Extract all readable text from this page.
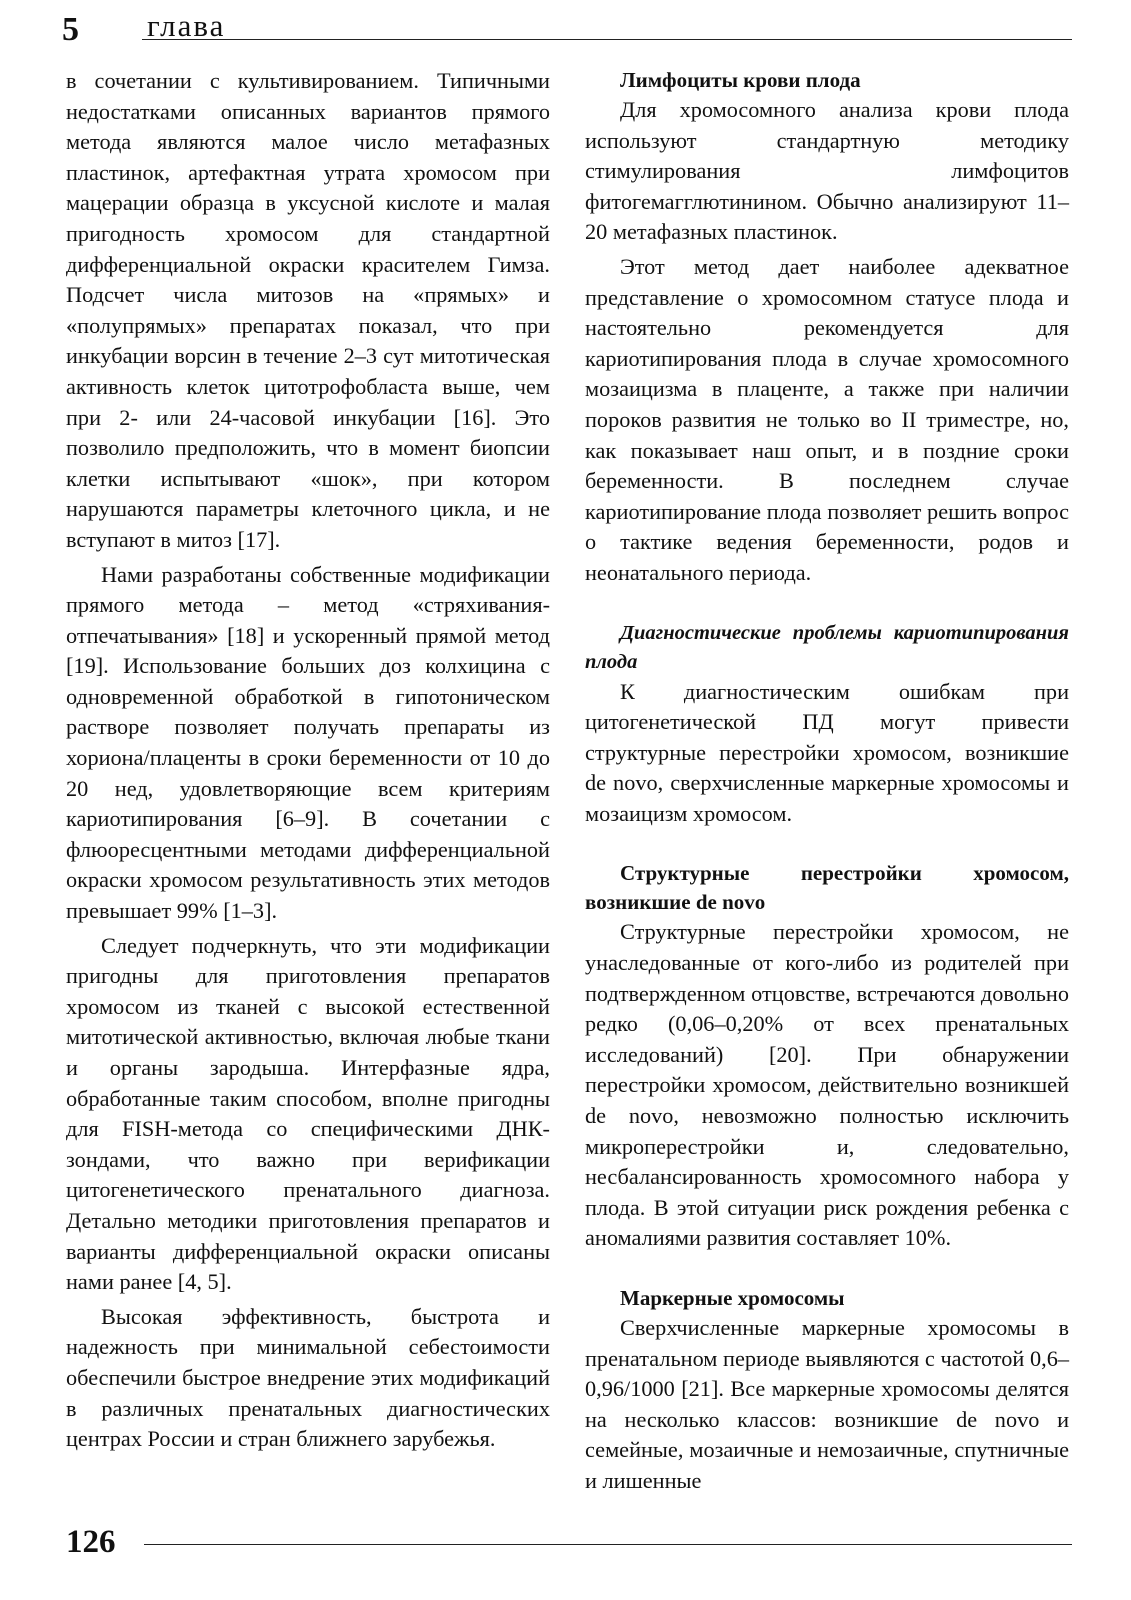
5 глава

в сочетании с культивированием. Типичными недостатками описанных вариантов прямого метода являются малое число метафазных пластинок, артефактная утрата хромосом при мацерации образца в уксусной кислоте и малая пригодность хромосом для стандартной дифференциальной окраски красителем Гимза. Подсчет числа митозов на «прямых» и «полупрямых» препаратах показал, что при инкубации ворсин в течение 2–3 сут митотическая активность клеток цитотрофобласта выше, чем при 2- или 24-часовой инкубации [16]. Это позволило предположить, что в момент биопсии клетки испытывают «шок», при котором нарушаются параметры клеточного цикла, и не вступают в митоз [17].

Нами разработаны собственные модификации прямого метода – метод «стряхивания-отпечатывания» [18] и ускоренный прямой метод [19]. Использование больших доз колхицина с одновременной обработкой в гипотоническом растворе позволяет получать препараты из хориона/плаценты в сроки беременности от 10 до 20 нед, удовлетворяющие всем критериям кариотипирования [6–9]. В сочетании с флюоресцентными методами дифференциальной окраски хромосом результативность этих методов превышает 99% [1–3].

Следует подчеркнуть, что эти модификации пригодны для приготовления препаратов хромосом из тканей с высокой естественной митотической активностью, включая любые ткани и органы зародыша. Интерфазные ядра, обработанные таким способом, вполне пригодны для FISH-метода со специфическими ДНК-зондами, что важно при верификации цитогенетического пренатального диагноза. Детально методики приготовления препаратов и варианты дифференциальной окраски описаны нами ранее [4, 5].

Высокая эффективность, быстрота и надежность при минимальной себестоимости обеспечили быстрое внедрение этих модификаций в различных пренатальных диагностических центрах России и стран ближнего зарубежья.

Лимфоциты крови плода

Для хромосомного анализа крови плода используют стандартную методику стимулирования лимфоцитов фитогемагглютинином. Обычно анализируют 11–20 метафазных пластинок.

Этот метод дает наиболее адекватное представление о хромосомном статусе плода и настоятельно рекомендуется для кариотипирования плода в случае хромосомного мозаицизма в плаценте, а также при наличии пороков развития не только во II триместре, но, как показывает наш опыт, и в поздние сроки беременности. В последнем случае кариотипирование плода позволяет решить вопрос о тактике ведения беременности, родов и неонатального периода.

Диагностические проблемы кариотипирования плода

К диагностическим ошибкам при цитогенетической ПД могут привести структурные перестройки хромосом, возникшие de novo, сверхчисленные маркерные хромосомы и мозаицизм хромосом.

Структурные перестройки хромосом, возникшие de novo

Структурные перестройки хромосом, не унаследованные от кого-либо из родителей при подтвержденном отцовстве, встречаются довольно редко (0,06–0,20% от всех пренатальных исследований) [20]. При обнаружении перестройки хромосом, действительно возникшей de novo, невозможно полностью исключить микроперестройки и, следовательно, несбалансированность хромосомного набора у плода. В этой ситуации риск рождения ребенка с аномалиями развития составляет 10%.

Маркерные хромосомы

Сверхчисленные маркерные хромосомы в пренатальном периоде выявляются с частотой 0,6–0,96/1000 [21]. Все маркерные хромосомы делятся на несколько классов: возникшие de novo и семейные, мозаичные и немозаичные, спутничные и лишенные

126
